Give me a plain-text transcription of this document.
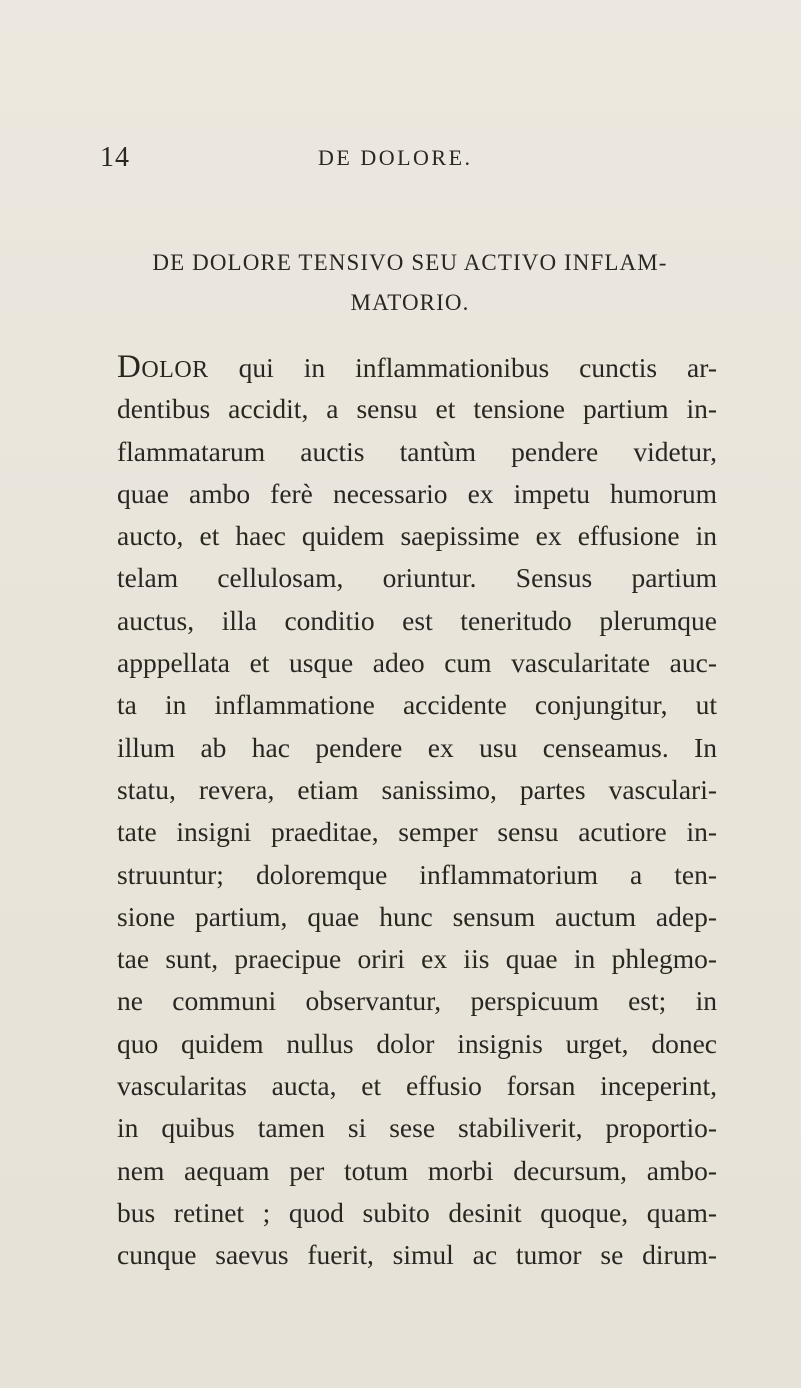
14	DE DOLORE.
DE DOLORE TENSIVO SEU ACTIVO INFLAM-
MATORIO.
DOLOR qui in inflammationibus cunctis ar-
dentibus accidit, a sensu et tensione partium in-
flammatarum auctis tantùm pendere videtur,
quae ambo ferè necessario ex impetu humorum
aucto, et haec quidem saepissime ex effusione in
telam cellulosam, oriuntur. Sensus partium
auctus, illa conditio est teneritudo plerumque
apppellata et usque adeo cum vascularitate auc-
ta in inflammatione accidente conjungitur, ut
illum ab hac pendere ex usu censeamus. In
statu, revera, etiam sanissimo, partes vasculari-
tate insigni praeditae, semper sensu acutiore in-
struuntur; doloremque inflammatorium a ten-
sione partium, quae hunc sensum auctum adep-
tae sunt, praecipue oriri ex iis quae in phlegmo-
ne communi observantur, perspicuum est; in
quo quidem nullus dolor insignis urget, donec
vascularitas aucta, et effusio forsan inceperint,
in quibus tamen si sese stabiliverit, proportio-
nem aequam per totum morbi decursum, ambo-
bus retinet ; quod subito desinit quoque, quam-
cunque saevus fuerit, simul ac tumor se dirum-
